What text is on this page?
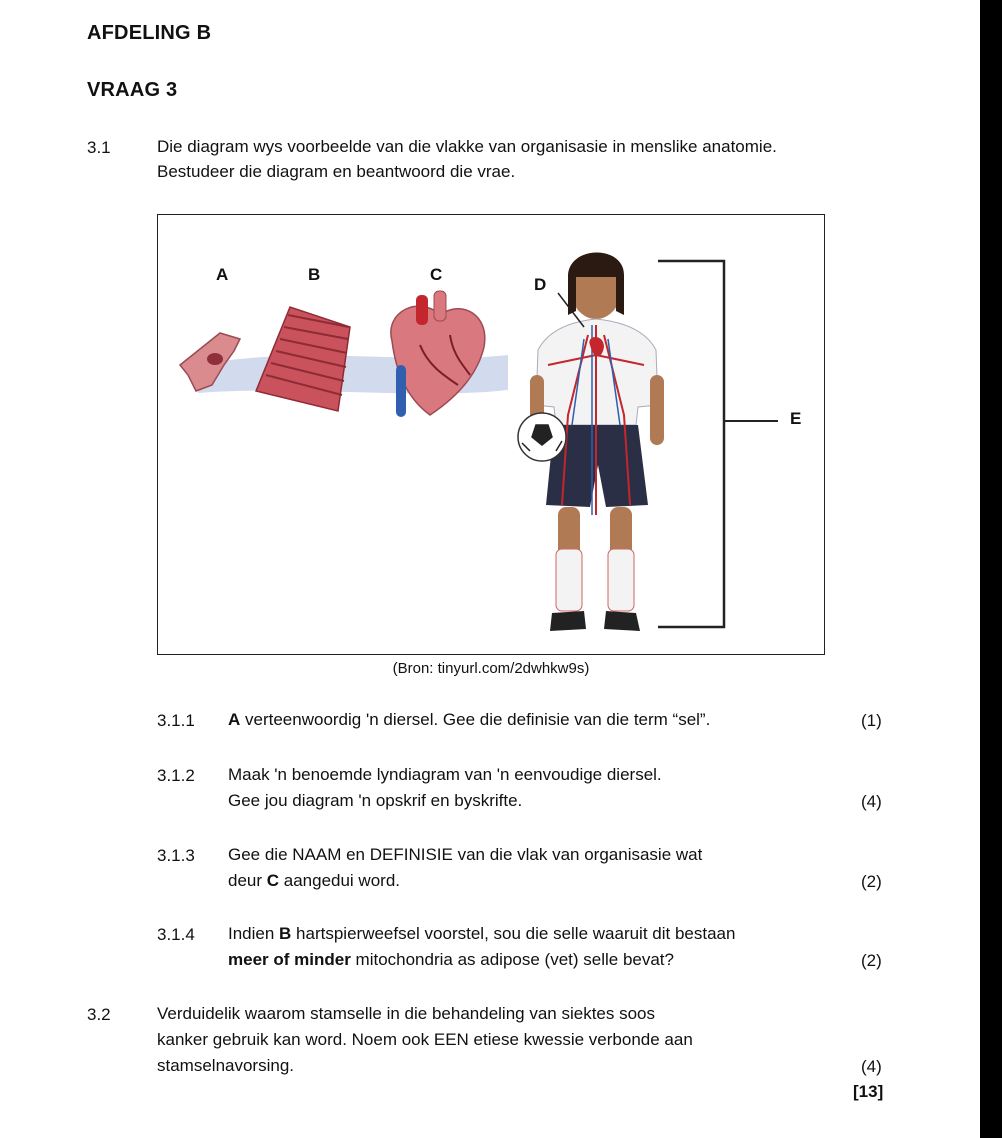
AFDELING B
VRAAG 3
3.1	Die diagram wys voorbeelde van die vlakke van organisasie in menslike anatomie.
Bestudeer die diagram en beantwoord die vrae.
A	B	C
D
E
(Bron: tinyurl.com/2dwhkw9s)
3.1.1 A verteenwoordig 'n diersel. Gee die definisie van die term “sel”.	(1)
3.1.2 Maak 'n benoemde lyndiagram van 'n eenvoudige diersel.
Gee jou diagram 'n opskrif en byskrifte.	(4)
3.1.3 Gee die NAAM en DEFINISIE van die vlak van organisasie wat
deur C aangedui word.	(2)
3.1.4 Indien B hartspierweefsel voorstel, sou die selle waaruit dit bestaan
meer of minder mitochondria as adipose (vet) selle bevat?	(2)
3.2	Verduidelik waarom stamselle in die behandeling van siektes soos
kanker gebruik kan word. Noem ook EEN etiese kwessie verbonde aan
stamselnavorsing.	(4)
[13]
